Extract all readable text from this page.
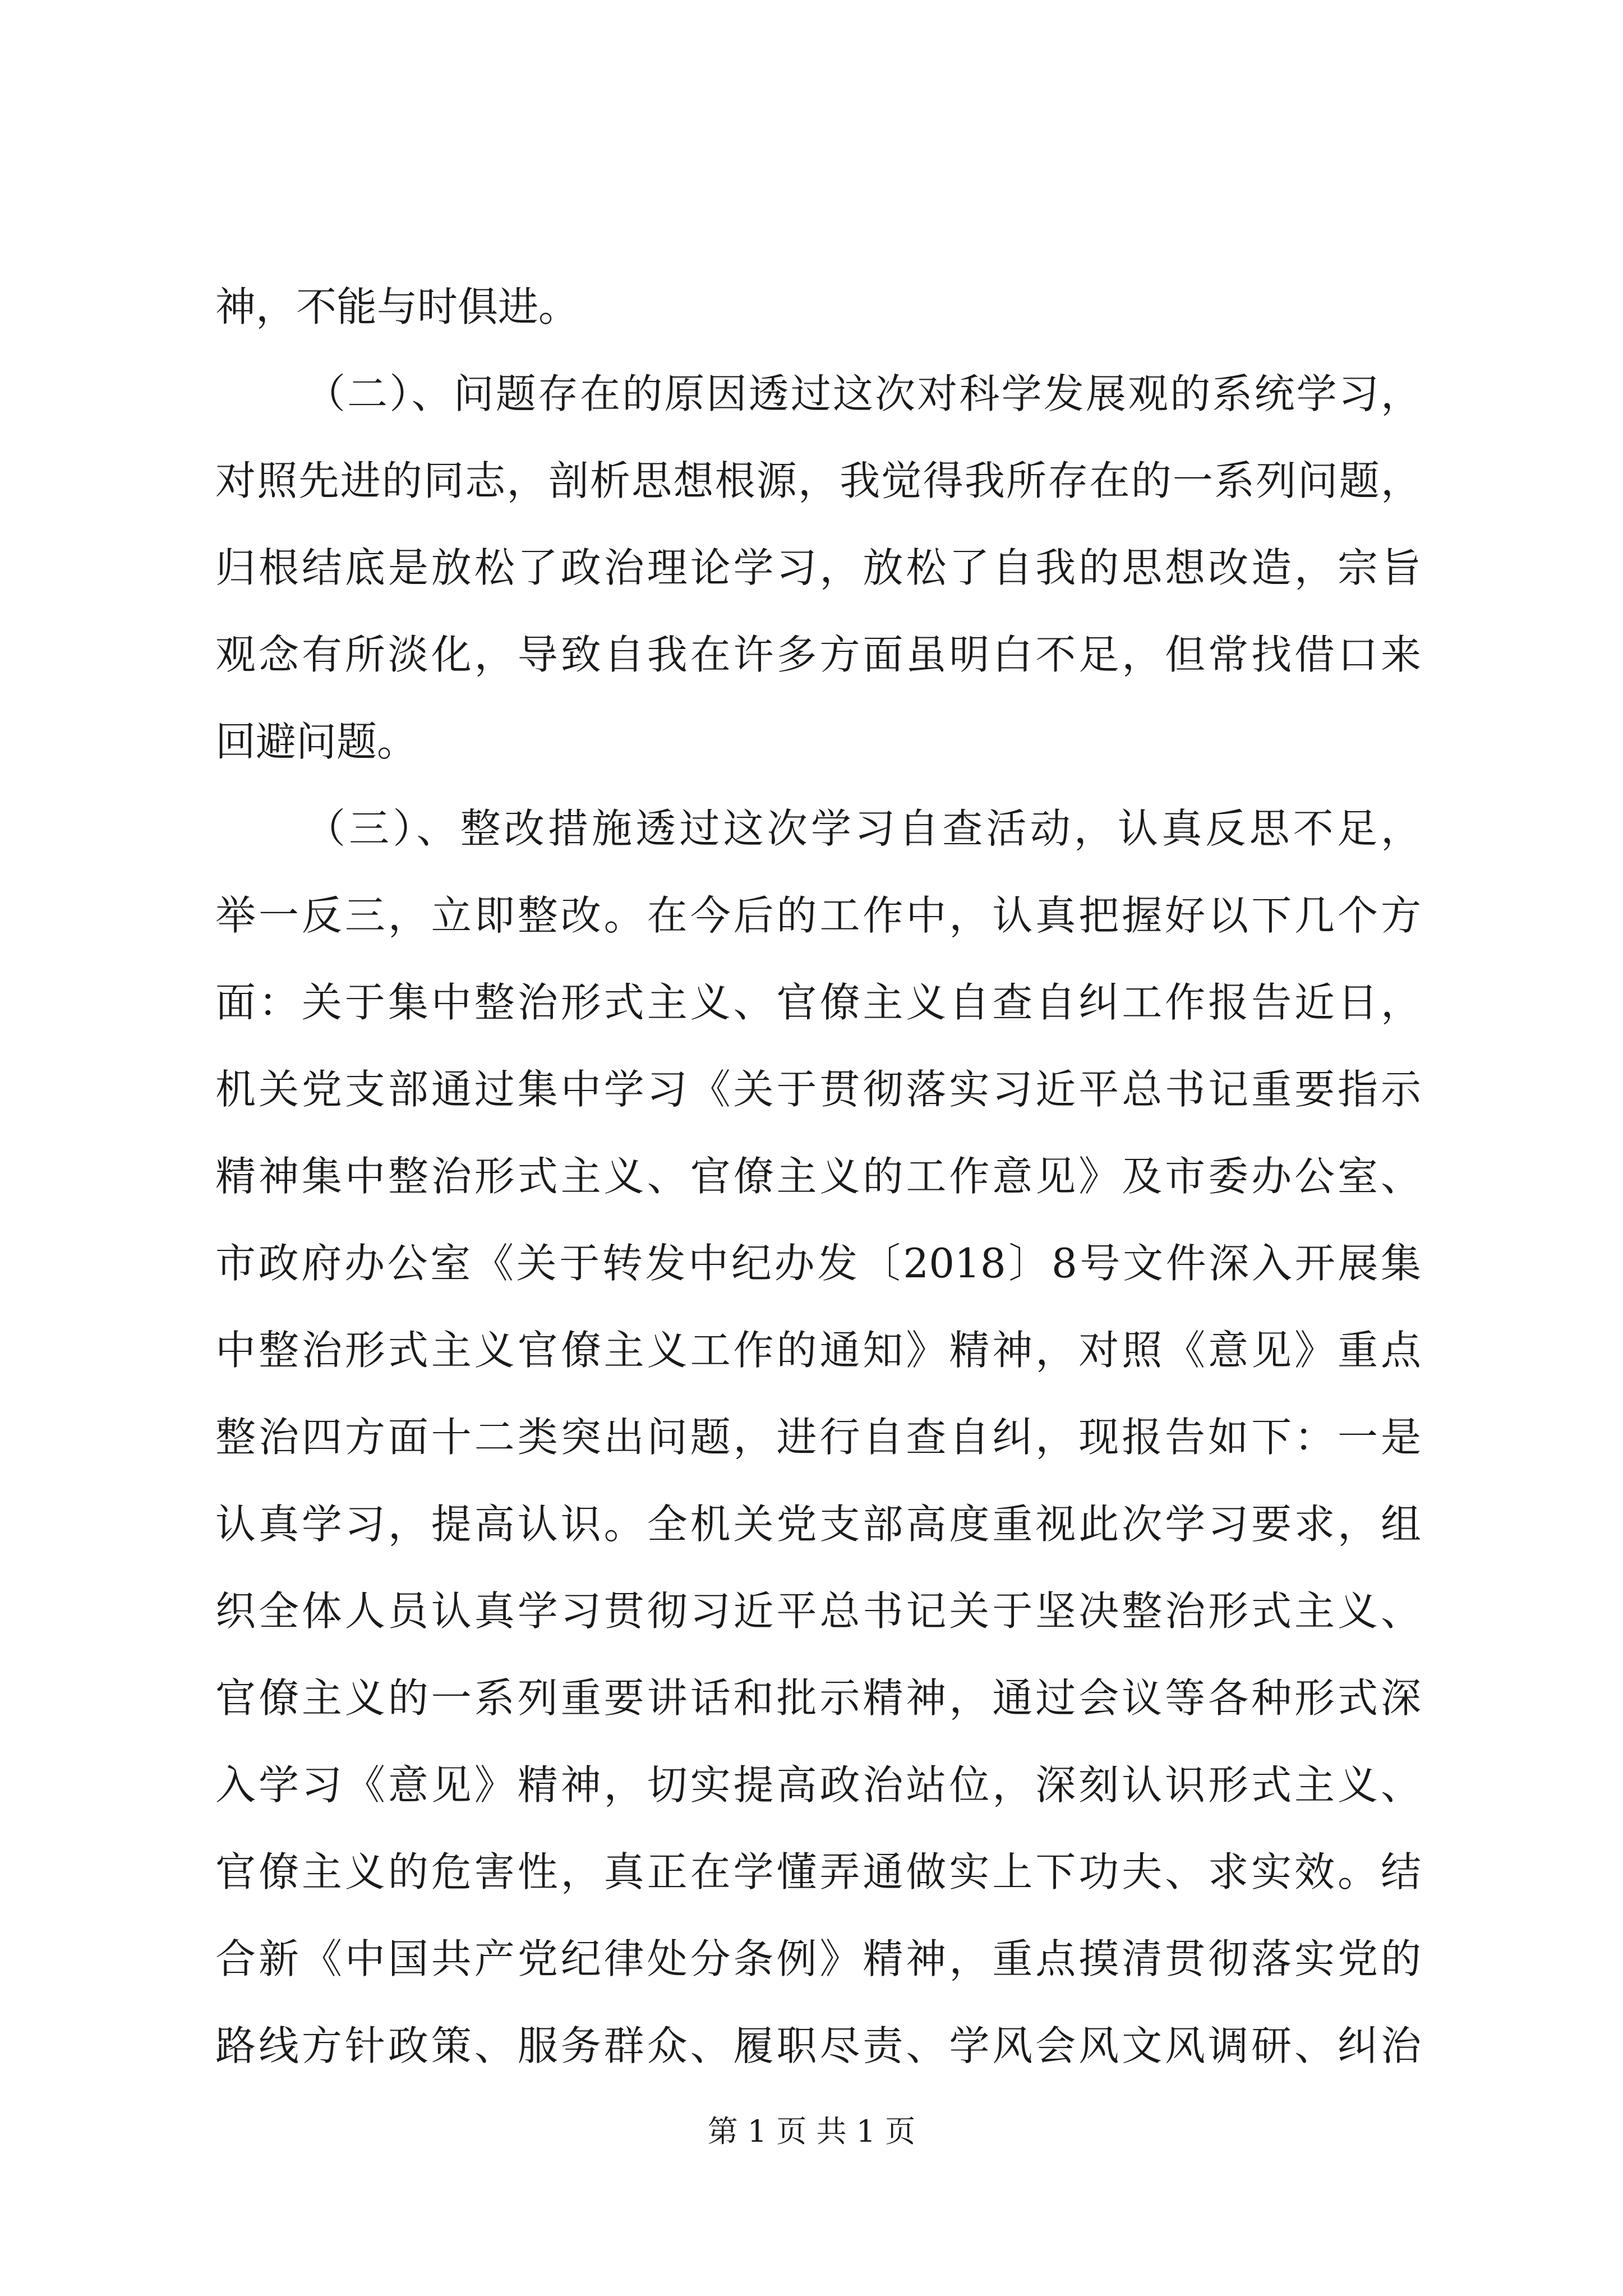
神，不能与时俱进。
（二）、问题存在的原因透过这次对科学发展观的系统学习，
对照先进的同志，剖析思想根源，我觉得我所存在的一系列问题，
归根结底是放松了政治理论学习，放松了自我的思想改造，宗旨
观念有所淡化，导致自我在许多方面虽明白不足，但常找借口来
回避问题。
（三）、整改措施透过这次学习自查活动，认真反思不足，
举一反三，立即整改。在今后的工作中，认真把握好以下几个方
面：关于集中整治形式主义、官僚主义自查自纠工作报告近日，
机关党支部通过集中学习《关于贯彻落实习近平总书记重要指示
精神集中整治形式主义、官僚主义的工作意见》及市委办公室、
市政府办公室《关于转发中纪办发〔2018〕8号文件深入开展集
中整治形式主义官僚主义工作的通知》精神，对照《意见》重点
整治四方面十二类突出问题，进行自查自纠，现报告如下：一是
认真学习，提高认识。全机关党支部高度重视此次学习要求，组
织全体人员认真学习贯彻习近平总书记关于坚决整治形式主义、
官僚主义的一系列重要讲话和批示精神，通过会议等各种形式深
入学习《意见》精神，切实提高政治站位，深刻认识形式主义、
官僚主义的危害性，真正在学懂弄通做实上下功夫、求实效。结
合新《中国共产党纪律处分条例》精神，重点摸清贯彻落实党的
路线方针政策、服务群众、履职尽责、学风会风文风调研、纠治
第 1 页 共 1 页
